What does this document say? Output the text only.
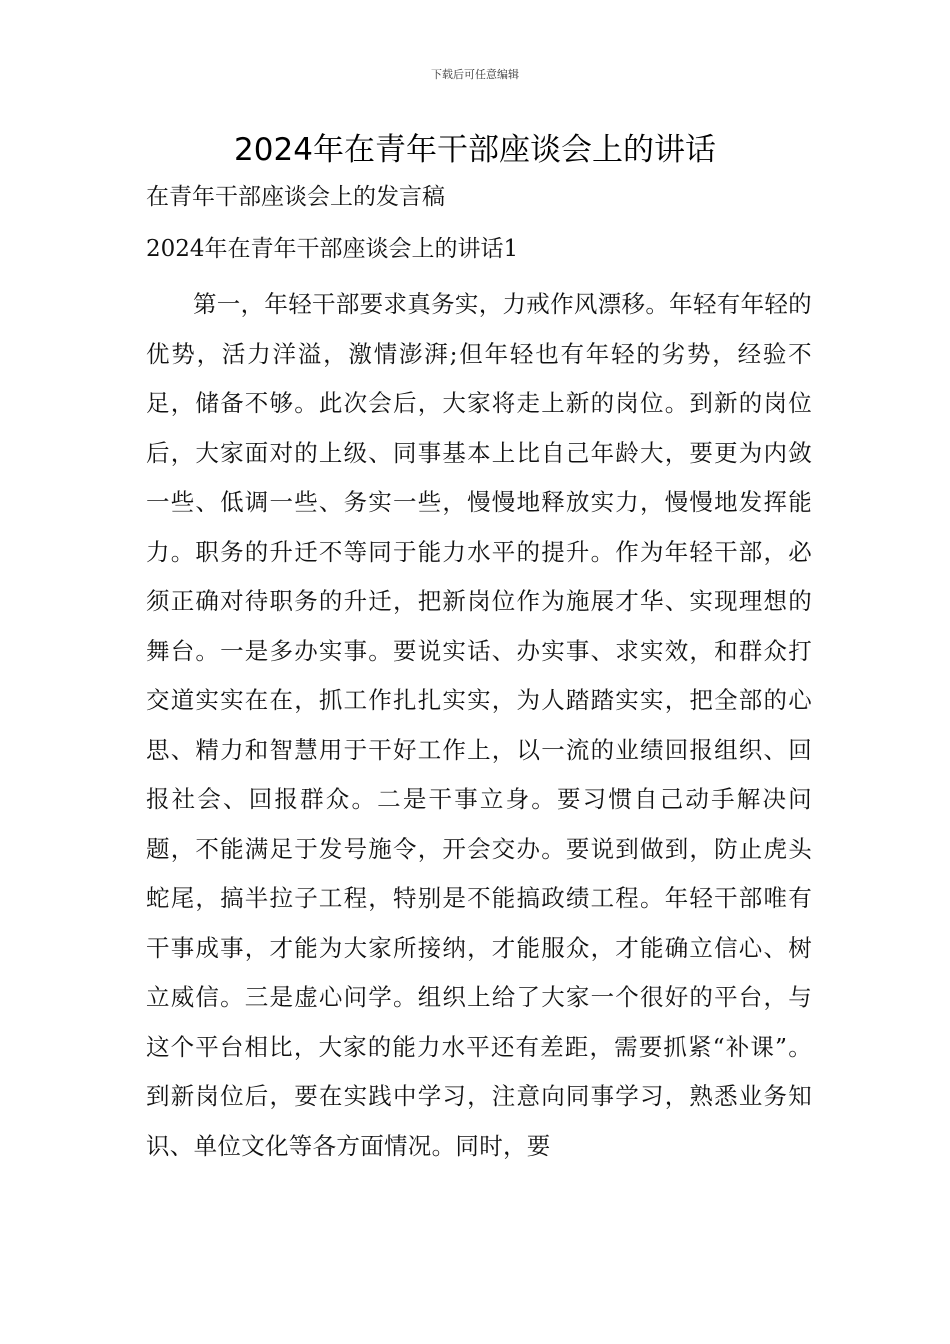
下载后可任意编辑
2024年在青年干部座谈会上的讲话

在青年干部座谈会上的发言稿

2024年在青年干部座谈会上的讲话1

第一，年轻干部要求真务实，力戒作风漂移。年轻有年轻的优势，活力洋溢，激情澎湃;但年轻也有年轻的劣势，经验不足，储备不够。此次会后，大家将走上新的岗位。到新的岗位后，大家面对的上级、同事基本上比自己年龄大，要更为内敛一些、低调一些、务实一些，慢慢地释放实力，慢慢地发挥能力。职务的升迁不等同于能力水平的提升。作为年轻干部，必须正确对待职务的升迁，把新岗位作为施展才华、实现理想的舞台。一是多办实事。要说实话、办实事、求实效，和群众打交道实实在在，抓工作扎扎实实，为人踏踏实实，把全部的心思、精力和智慧用于干好工作上，以一流的业绩回报组织、回报社会、回报群众。二是干事立身。要习惯自己动手解决问题，不能满足于发号施令，开会交办。要说到做到，防止虎头蛇尾，搞半拉子工程，特别是不能搞政绩工程。年轻干部唯有干事成事，才能为大家所接纳，才能服众，才能确立信心、树立威信。三是虚心问学。组织上给了大家一个很好的平台，与这个平台相比，大家的能力水平还有差距，需要抓紧“补课”。到新岗位后，要在实践中学习，注意向同事学习，熟悉业务知识、单位文化等各方面情况。同时，要
